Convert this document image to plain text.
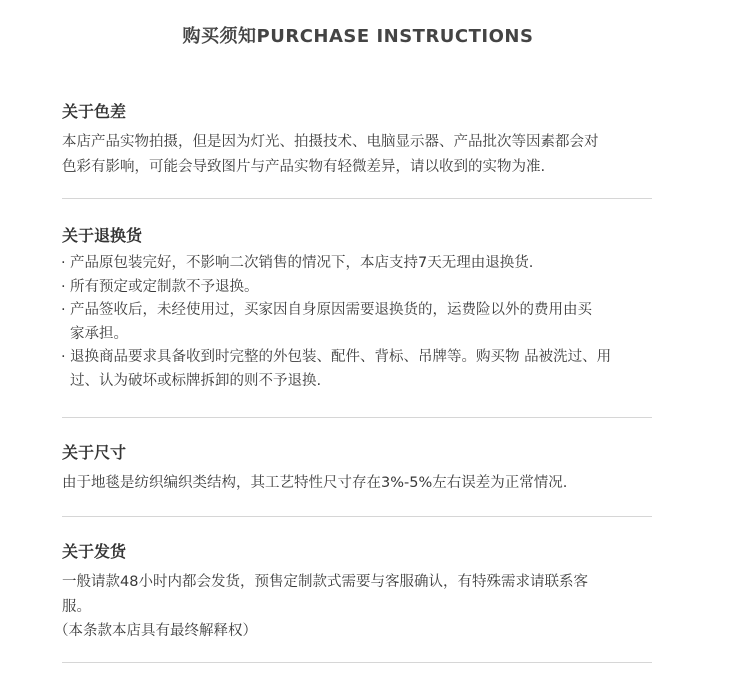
购买须知PURCHASE INSTRUCTIONS
关于色差
本店产品实物拍摄，但是因为灯光、拍摄技术、电脑显示器、产品批次等因素都会对
色彩有影响，可能会导致图片与产品实物有轻微差异，请以收到的实物为准.
关于退换货
· 产品原包装完好，不影响二次销售的情况下，本店支持7天无理由退换货.
· 所有预定或定制款不予退换。
· 产品签收后，未经使用过，买家因自身原因需要退换货的，运费险以外的费用由买
家承担。
· 退换商品要求具备收到时完整的外包装、配件、背标、吊牌等。购买物 品被洗过、用
过、认为破坏或标牌拆卸的则不予退换.
关于尺寸
由于地毯是纺织编织类结构，其工艺特性尺寸存在3%-5%左右误差为正常情况.
关于发货
一般请款48小时内都会发货，预售定制款式需要与客服确认，有特殊需求请联系客
服。
（本条款本店具有最终解释权）
